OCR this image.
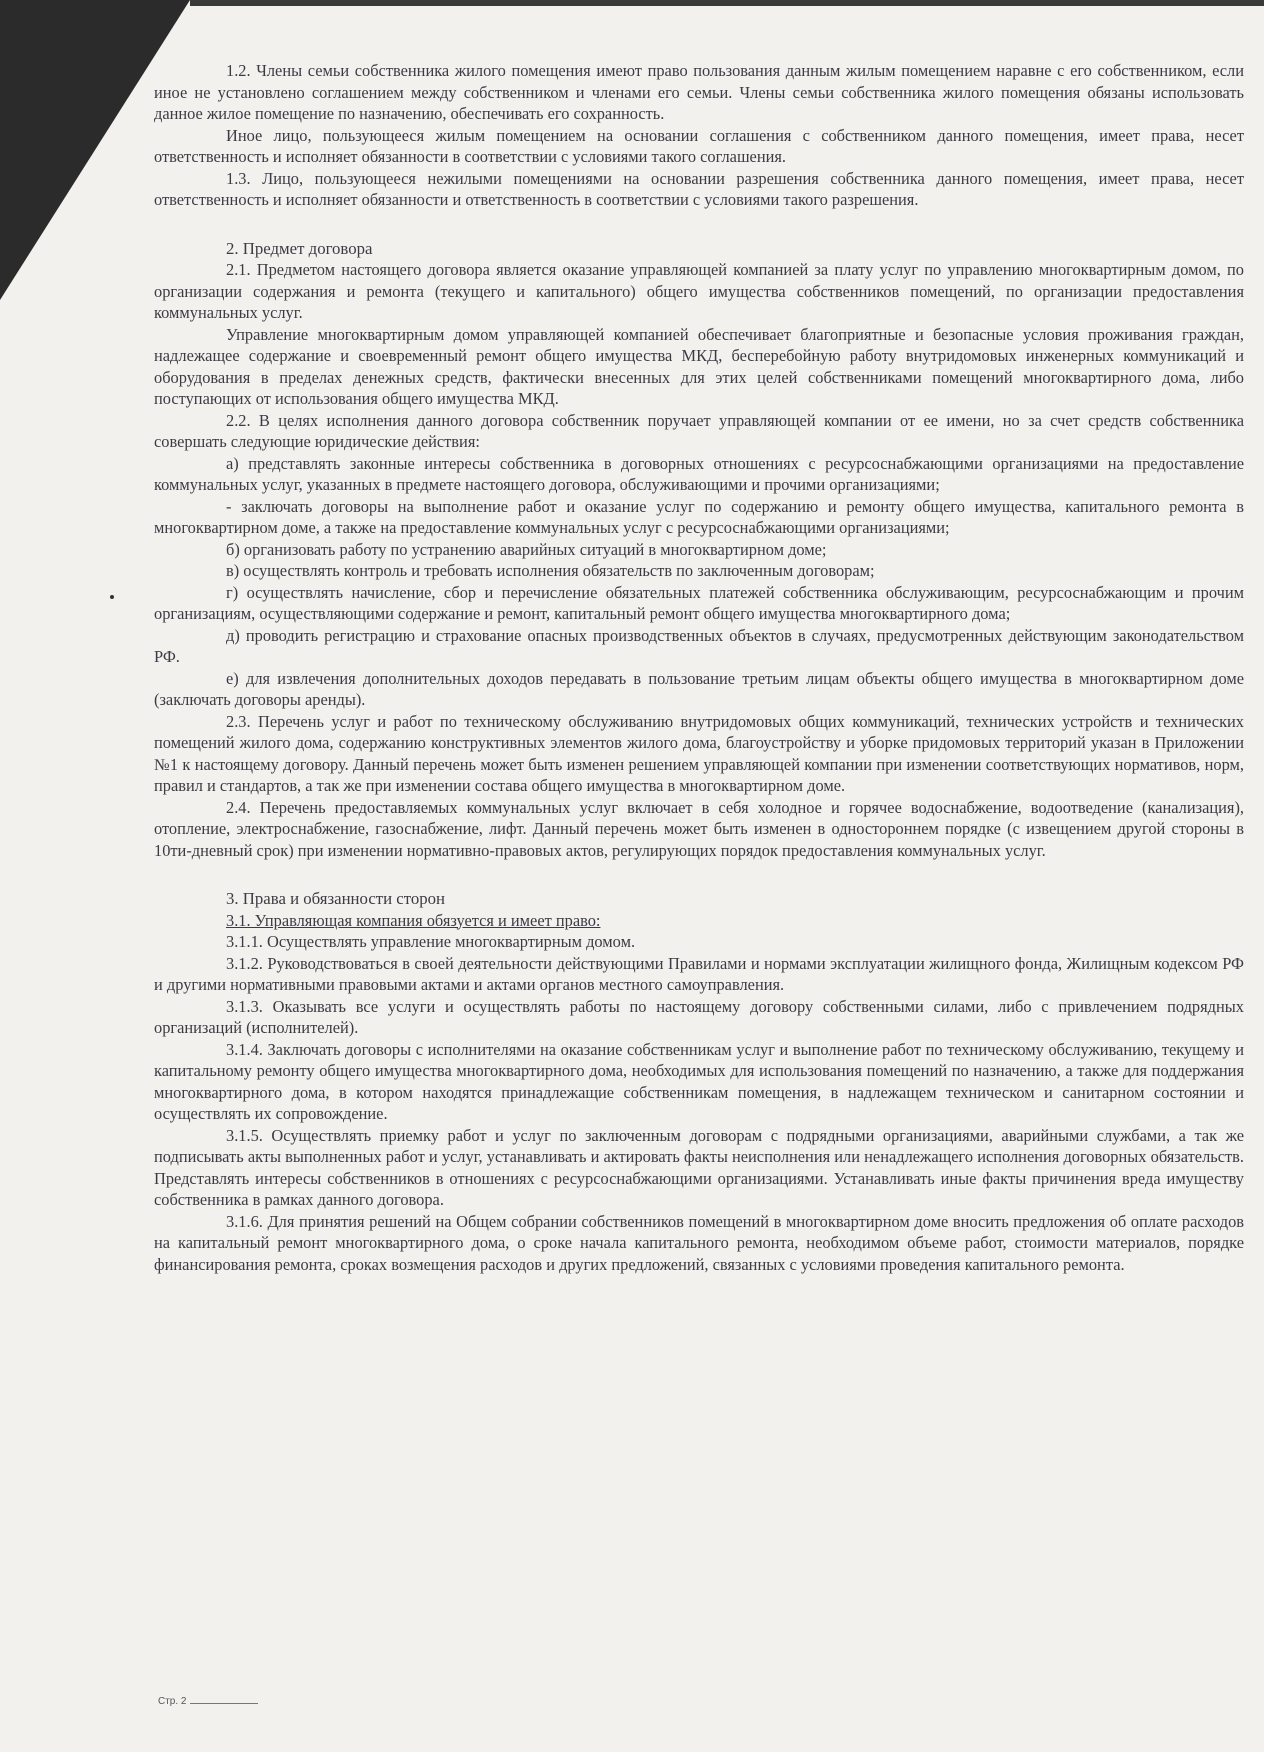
1.2. Члены семьи собственника жилого помещения имеют право пользования данным жилым помещением наравне с его собственником, если иное не установлено соглашением между собственником и членами его семьи. Члены семьи собственника жилого помещения обязаны использовать данное жилое помещение по назначению, обеспечивать его сохранность.

Иное лицо, пользующееся жилым помещением на основании соглашения с собственником данного помещения, имеет права, несет ответственность и исполняет обязанности в соответствии с условиями такого соглашения.

1.3. Лицо, пользующееся нежилыми помещениями на основании разрешения собственника данного помещения, имеет права, несет ответственность и исполняет обязанности и ответственность в соответствии с условиями такого разрешения.

2. Предмет договора

2.1. Предметом настоящего договора является оказание управляющей компанией за плату услуг по управлению многоквартирным домом, по организации содержания и ремонта (текущего и капитального) общего имущества собственников помещений, по организации предоставления коммунальных услуг.

Управление многоквартирным домом управляющей компанией обеспечивает благоприятные и безопасные условия проживания граждан, надлежащее содержание и своевременный ремонт общего имущества МКД, бесперебойную работу внутридомовых инженерных коммуникаций и оборудования в пределах денежных средств, фактически внесенных для этих целей собственниками помещений многоквартирного дома, либо поступающих от использования общего имущества МКД.

2.2. В целях исполнения данного договора собственник поручает управляющей компании от ее имени, но за счет средств собственника совершать следующие юридические действия:

а) представлять законные интересы собственника в договорных отношениях с ресурсоснабжающими организациями на предоставление коммунальных услуг, указанных в предмете настоящего договора, обслуживающими и прочими организациями;

- заключать договоры на выполнение работ и оказание услуг по содержанию и ремонту общего имущества, капитального ремонта в многоквартирном доме, а также на предоставление коммунальных услуг с ресурсоснабжающими организациями;

б) организовать работу по устранению аварийных ситуаций в многоквартирном доме;

в) осуществлять контроль и требовать исполнения обязательств по заключенным договорам;

г) осуществлять начисление, сбор и перечисление обязательных платежей собственника обслуживающим, ресурсоснабжающим и прочим организациям, осуществляющими содержание и ремонт, капитальный ремонт общего имущества многоквартирного дома;

д) проводить регистрацию и страхование опасных производственных объектов в случаях, предусмотренных действующим законодательством РФ.

е) для извлечения дополнительных доходов передавать в пользование третьим лицам объекты общего имущества в многоквартирном доме (заключать договоры аренды).

2.3. Перечень услуг и работ по техническому обслуживанию внутридомовых общих коммуникаций, технических устройств и технических помещений жилого дома, содержанию конструктивных элементов жилого дома, благоустройству и уборке придомовых территорий указан в Приложении №1 к настоящему договору. Данный перечень может быть изменен решением управляющей компании при изменении соответствующих нормативов, норм, правил и стандартов, а так же при изменении состава общего имущества в многоквартирном доме.

2.4. Перечень предоставляемых коммунальных услуг включает в себя холодное и горячее водоснабжение, водоотведение (канализация), отопление, электроснабжение, газоснабжение, лифт. Данный перечень может быть изменен в одностороннем порядке (с извещением другой стороны в 10ти-дневный срок) при изменении нормативно-правовых актов, регулирующих порядок предоставления коммунальных услуг.

3. Права и обязанности сторон

3.1. Управляющая компания обязуется и имеет право:

3.1.1. Осуществлять управление многоквартирным домом.

3.1.2. Руководствоваться в своей деятельности действующими Правилами и нормами эксплуатации жилищного фонда, Жилищным кодексом РФ и другими нормативными правовыми актами и актами органов местного самоуправления.

3.1.3. Оказывать все услуги и осуществлять работы по настоящему договору собственными силами, либо с привлечением подрядных организаций (исполнителей).

3.1.4. Заключать договоры с исполнителями на оказание собственникам услуг и выполнение работ по техническому обслуживанию, текущему и капитальному ремонту общего имущества многоквартирного дома, необходимых для использования помещений по назначению, а также для поддержания многоквартирного дома, в котором находятся принадлежащие собственникам помещения, в надлежащем техническом и санитарном состоянии и осуществлять их сопровождение.

3.1.5. Осуществлять приемку работ и услуг по заключенным договорам с подрядными организациями, аварийными службами, а так же подписывать акты выполненных работ и услуг, устанавливать и актировать факты неисполнения или ненадлежащего исполнения договорных обязательств. Представлять интересы собственников в отношениях с ресурсоснабжающими организациями. Устанавливать иные факты причинения вреда имуществу собственника в рамках данного договора.

3.1.6. Для принятия решений на Общем собрании собственников помещений в многоквартирном доме вносить предложения об оплате расходов на капитальный ремонт многоквартирного дома, о сроке начала капитального ремонта, необходимом объеме работ, стоимости материалов, порядке финансирования ремонта, сроках возмещения расходов и других предложений, связанных с условиями проведения капитального ремонта.

Стр. 2
